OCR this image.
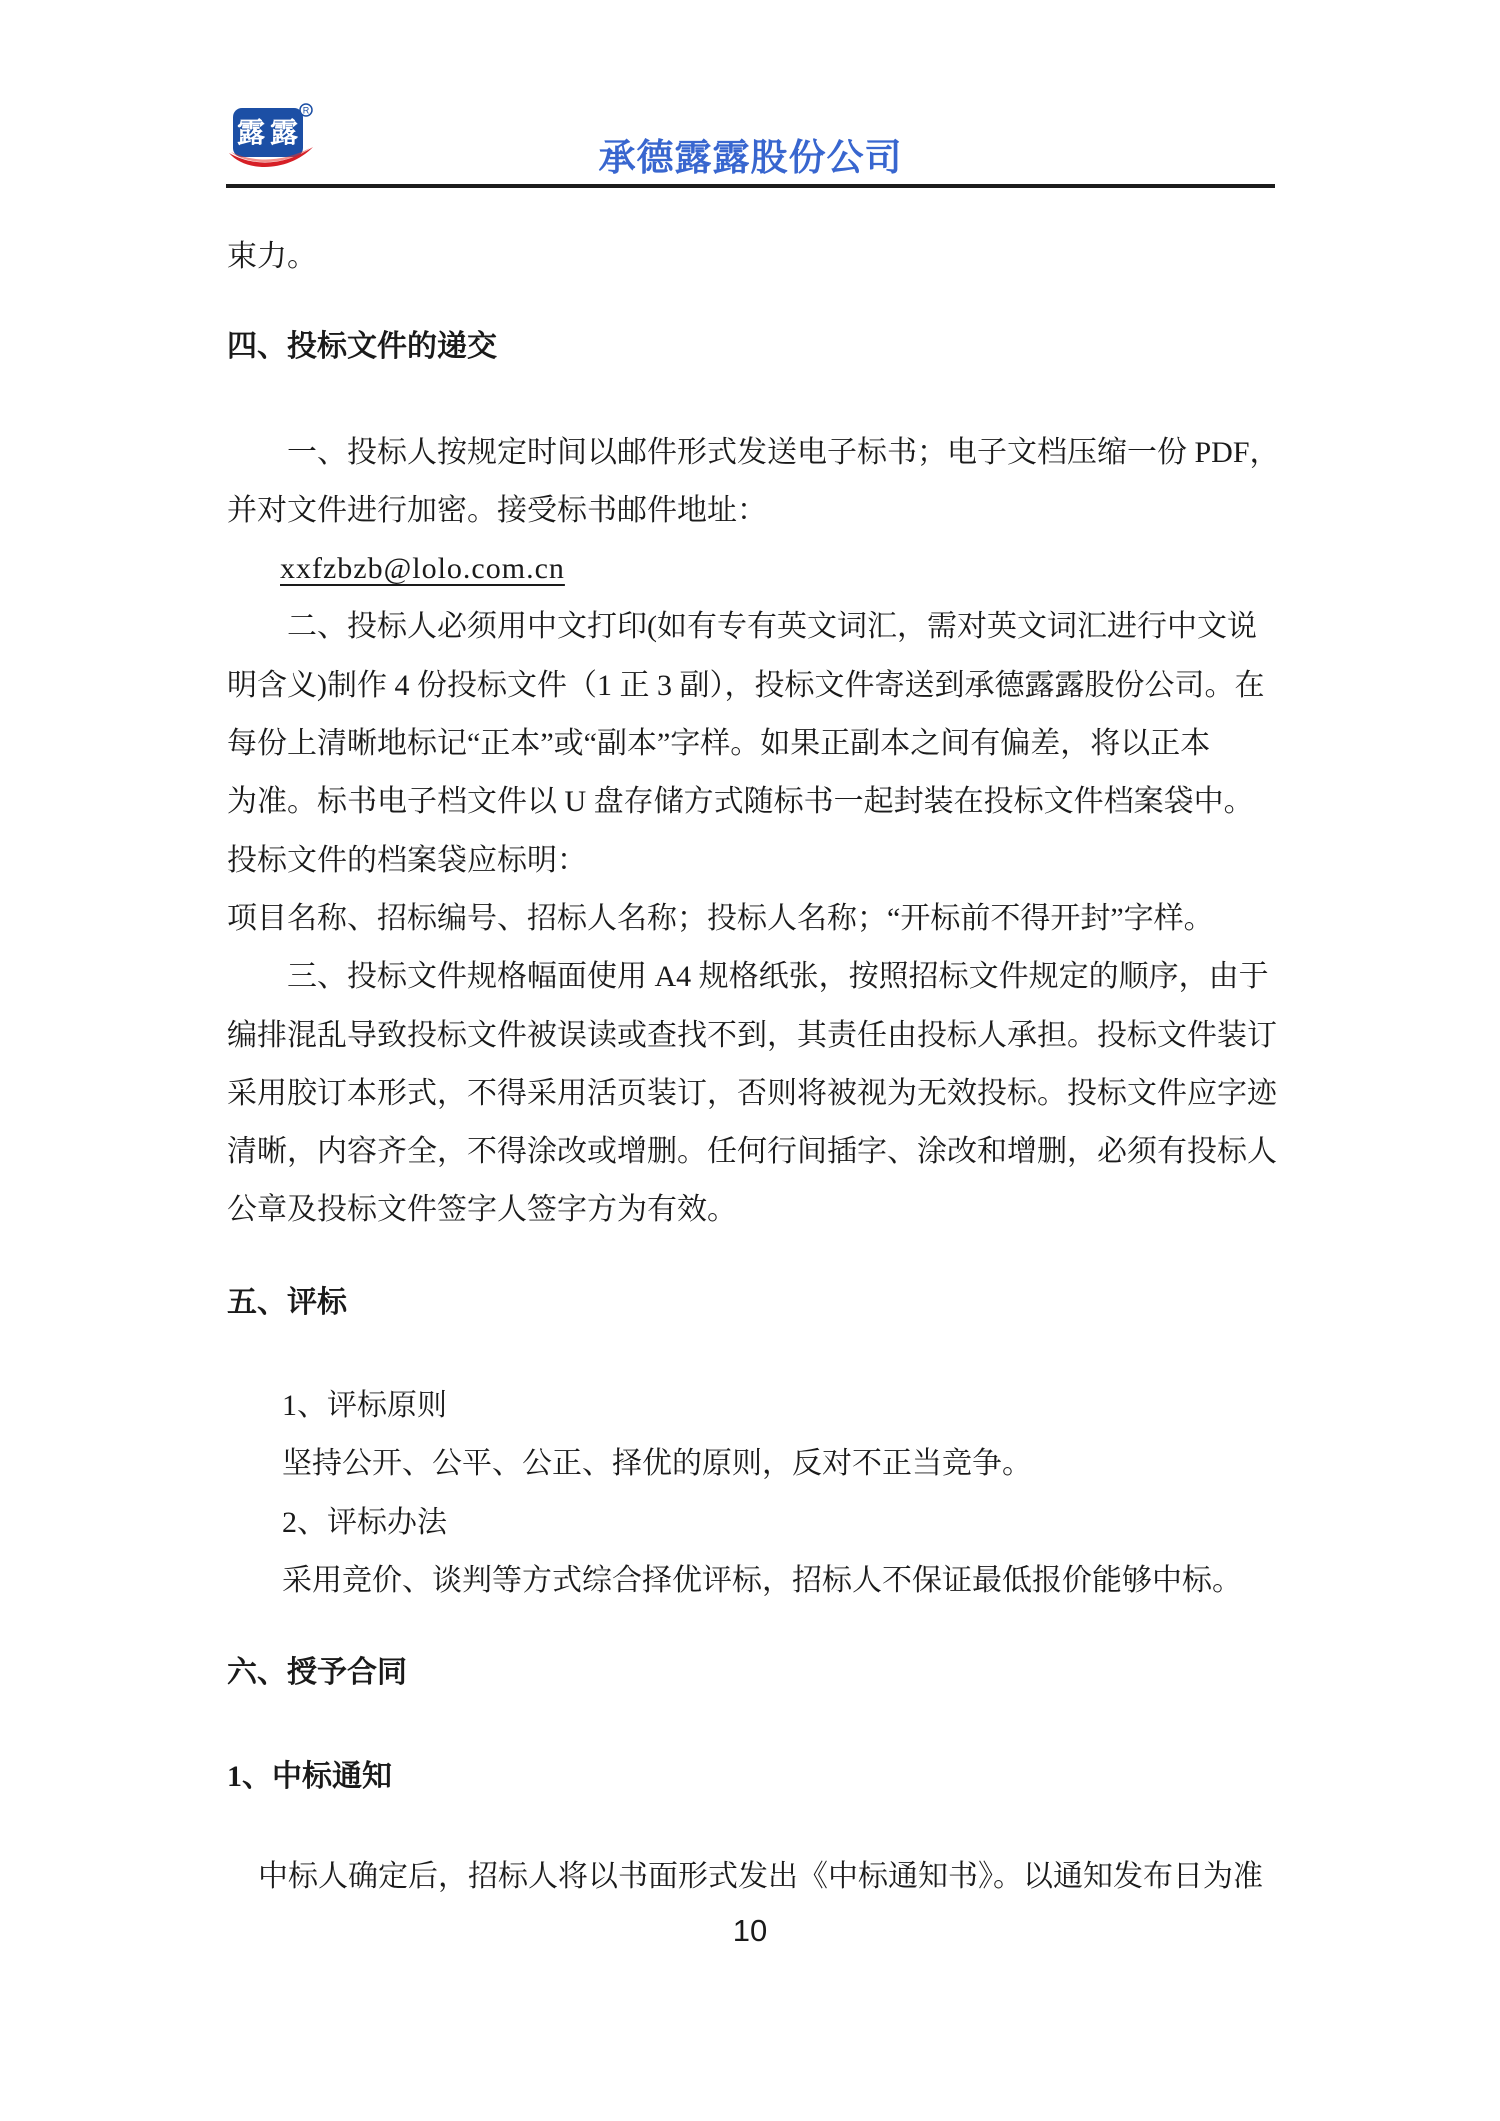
露 露
R
承德露露股份公司
束力。
四、投标文件的递交
一、投标人按规定时间以邮件形式发送电子标书；电子文档压缩一份 PDF，
并对文件进行加密。接受标书邮件地址：
xxfzbzb@lolo.com.cn
二、投标人必须用中文打印(如有专有英文词汇，需对英文词汇进行中文说
明含义)制作 4 份投标文件（1 正 3 副），投标文件寄送到承德露露股份公司。在
每份上清晰地标记“正本”或“副本”字样。如果正副本之间有偏差，将以正本
为准。标书电子档文件以 U 盘存储方式随标书一起封装在投标文件档案袋中。
投标文件的档案袋应标明：
项目名称、招标编号、招标人名称；投标人名称；“开标前不得开封”字样。
三、投标文件规格幅面使用 A4 规格纸张，按照招标文件规定的顺序，由于
编排混乱导致投标文件被误读或查找不到，其责任由投标人承担。投标文件装订
采用胶订本形式，不得采用活页装订，否则将被视为无效投标。投标文件应字迹
清晰，内容齐全，不得涂改或增删。任何行间插字、涂改和增删，必须有投标人
公章及投标文件签字人签字方为有效。
五、评标
1、评标原则
坚持公开、公平、公正、择优的原则，反对不正当竞争。
2、评标办法
采用竞价、谈判等方式综合择优评标，招标人不保证最低报价能够中标。
六、授予合同
1、中标通知
中标人确定后，招标人将以书面形式发出《中标通知书》。以通知发布日为准
10
